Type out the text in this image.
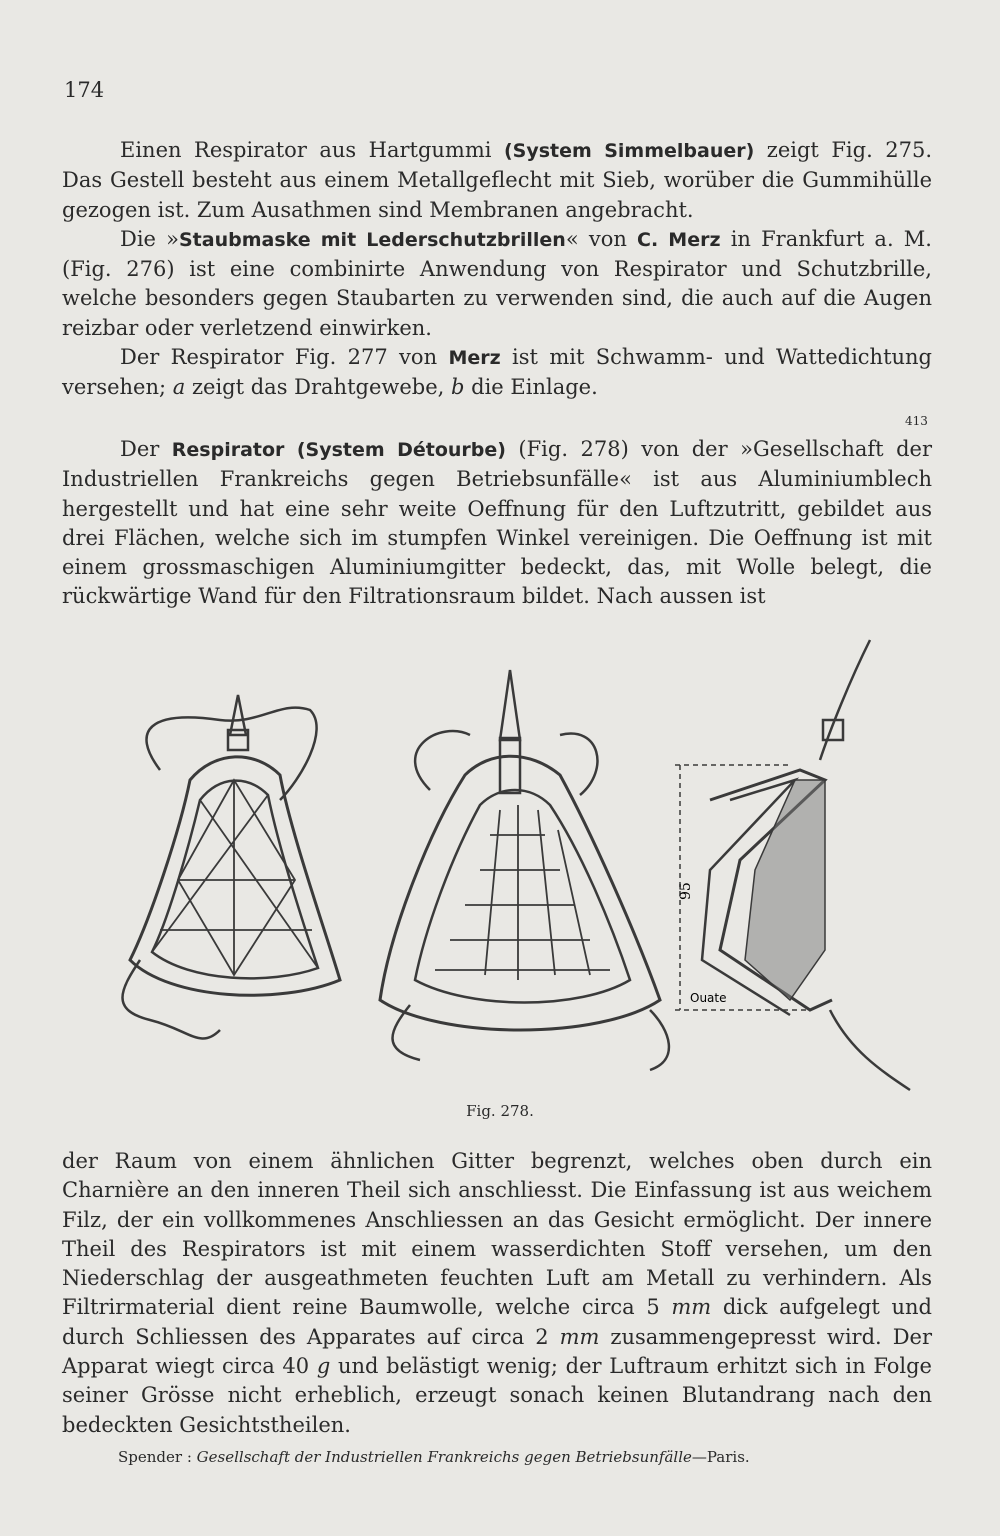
174

Einen Respirator aus Hartgummi (System Simmelbauer) zeigt Fig. 275. Das Gestell besteht aus einem Metallgeflecht mit Sieb, worüber die Gummihülle gezogen ist. Zum Ausathmen sind Membranen angebracht.

Die »Staubmaske mit Lederschutzbrillen« von C. Merz in Frankfurt a. M. (Fig. 276) ist eine combinirte Anwendung von Respirator und Schutzbrille, welche besonders gegen Staubarten zu verwenden sind, die auch auf die Augen reizbar oder verletzend einwirken.

Der Respirator Fig. 277 von Merz ist mit Schwamm- und Wattedichtung versehen; a zeigt das Drahtgewebe, b die Einlage.

413

Der Respirator (System Détourbe) (Fig. 278) von der »Gesellschaft der Industriellen Frankreichs gegen Betriebsunfälle« ist aus Aluminiumblech hergestellt und hat eine sehr weite Oeffnung für den Luftzutritt, gebildet aus drei Flächen, welche sich im stumpfen Winkel vereinigen. Die Oeffnung ist mit einem grossmaschigen Aluminiumgitter bedeckt, das, mit Wolle belegt, die rückwärtige Wand für den Filtrationsraum bildet. Nach aussen ist

95
Ouate
Fig. 278.

der Raum von einem ähnlichen Gitter begrenzt, welches oben durch ein Charnière an den inneren Theil sich anschliesst. Die Einfassung ist aus weichem Filz, der ein vollkommenes Anschliessen an das Gesicht ermöglicht. Der innere Theil des Respirators ist mit einem wasserdichten Stoff versehen, um den Niederschlag der ausgeathmeten feuchten Luft am Metall zu verhindern. Als Filtrirmaterial dient reine Baumwolle, welche circa 5 mm dick aufgelegt und durch Schliessen des Apparates auf circa 2 mm zusammengepresst wird. Der Apparat wiegt circa 40 g und belästigt wenig; der Luftraum erhitzt sich in Folge seiner Grösse nicht erheblich, erzeugt sonach keinen Blutandrang nach den bedeckten Gesichtstheilen.

Spender : Gesellschaft der Industriellen Frankreichs gegen Betriebsunfälle—Paris.
